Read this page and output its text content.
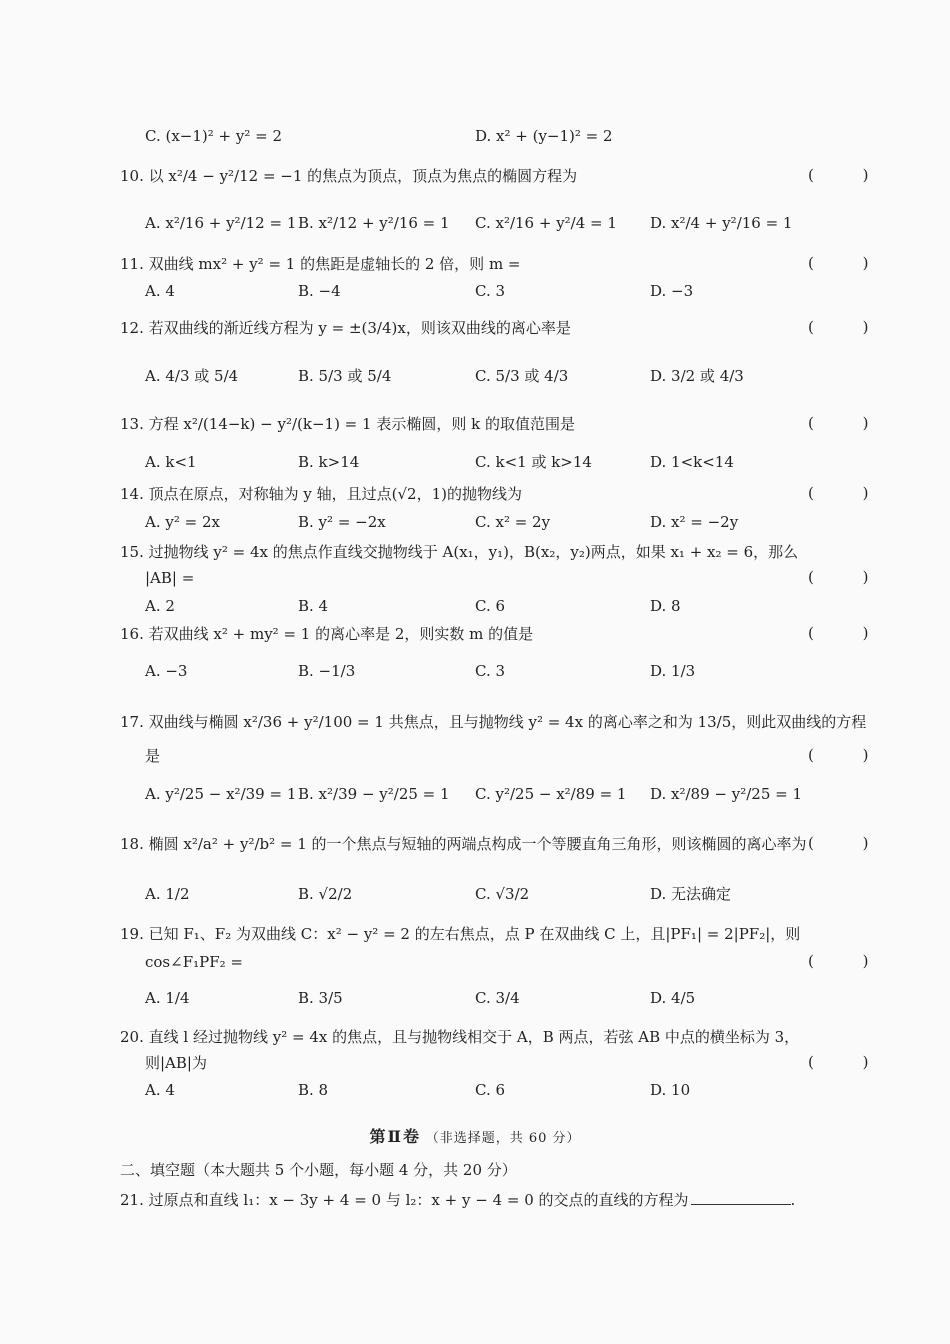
C. (x−1)² + y² = 2	D. x² + (y−1)² = 2
10. 以 x²/4 − y²/12 = −1 的焦点为顶点，顶点为焦点的椭圆方程为	( )
A. x²/16 + y²/12 = 1 B. x²/12 + y²/16 = 1 C. x²/16 + y²/4 = 1 D. x²/4 + y²/16 = 1
11. 双曲线 mx² + y² = 1 的焦距是虚轴长的 2 倍，则 m =	( )
A. 4	B. −4	C. 3	D. −3
12. 若双曲线的渐近线方程为 y = ±(3/4)x，则该双曲线的离心率是	( )
A. 4/3 或 5/4	B. 5/3 或 5/4	C. 5/3 或 4/3	D. 3/2 或 4/3
13. 方程 x²/(14−k) − y²/(k−1) = 1 表示椭圆，则 k 的取值范围是	( )
A. k<1	B. k>14	C. k<1 或 k>14	D. 1<k<14
14. 顶点在原点，对称轴为 y 轴，且过点(√2，1)的抛物线为	( )
A. y² = 2x	B. y² = −2x	C. x² = 2y	D. x² = −2y
15. 过抛物线 y² = 4x 的焦点作直线交抛物线于 A(x₁，y₁)，B(x₂，y₂)两点，如果 x₁ + x₂ = 6，那么
|AB| =	( )
A. 2	B. 4	C. 6	D. 8
16. 若双曲线 x² + my² = 1 的离心率是 2，则实数 m 的值是	( )
A. −3	B. −1/3	C. 3	D. 1/3
17. 双曲线与椭圆 x²/36 + y²/100 = 1 共焦点，且与抛物线 y² = 4x 的离心率之和为 13/5，则此双曲线的方程
是	( )
A. y²/25 − x²/39 = 1 B. x²/39 − y²/25 = 1 C. y²/25 − x²/89 = 1 D. x²/89 − y²/25 = 1
18. 椭圆 x²/a² + y²/b² = 1 的一个焦点与短轴的两端点构成一个等腰直角三角形，则该椭圆的离心率为 ( )
A. 1/2	B. √2/2	C. √3/2	D. 无法确定
19. 已知 F₁、F₂ 为双曲线 C：x² − y² = 2 的左右焦点，点 P 在双曲线 C 上，且|PF₁| = 2|PF₂|，则
cos∠F₁PF₂ =	( )
A. 1/4	B. 3/5	C. 3/4	D. 4/5
20. 直线 l 经过抛物线 y² = 4x 的焦点，且与抛物线相交于 A，B 两点，若弦 AB 中点的横坐标为 3，
则|AB|为	( )
A. 4	B. 8	C. 6	D. 10
第Ⅱ卷 （非选择题，共 60 分）
二、填空题（本大题共 5 个小题，每小题 4 分，共 20 分）
21. 过原点和直线 l₁：x − 3y + 4 = 0 与 l₂：x + y − 4 = 0 的交点的直线的方程为	.
